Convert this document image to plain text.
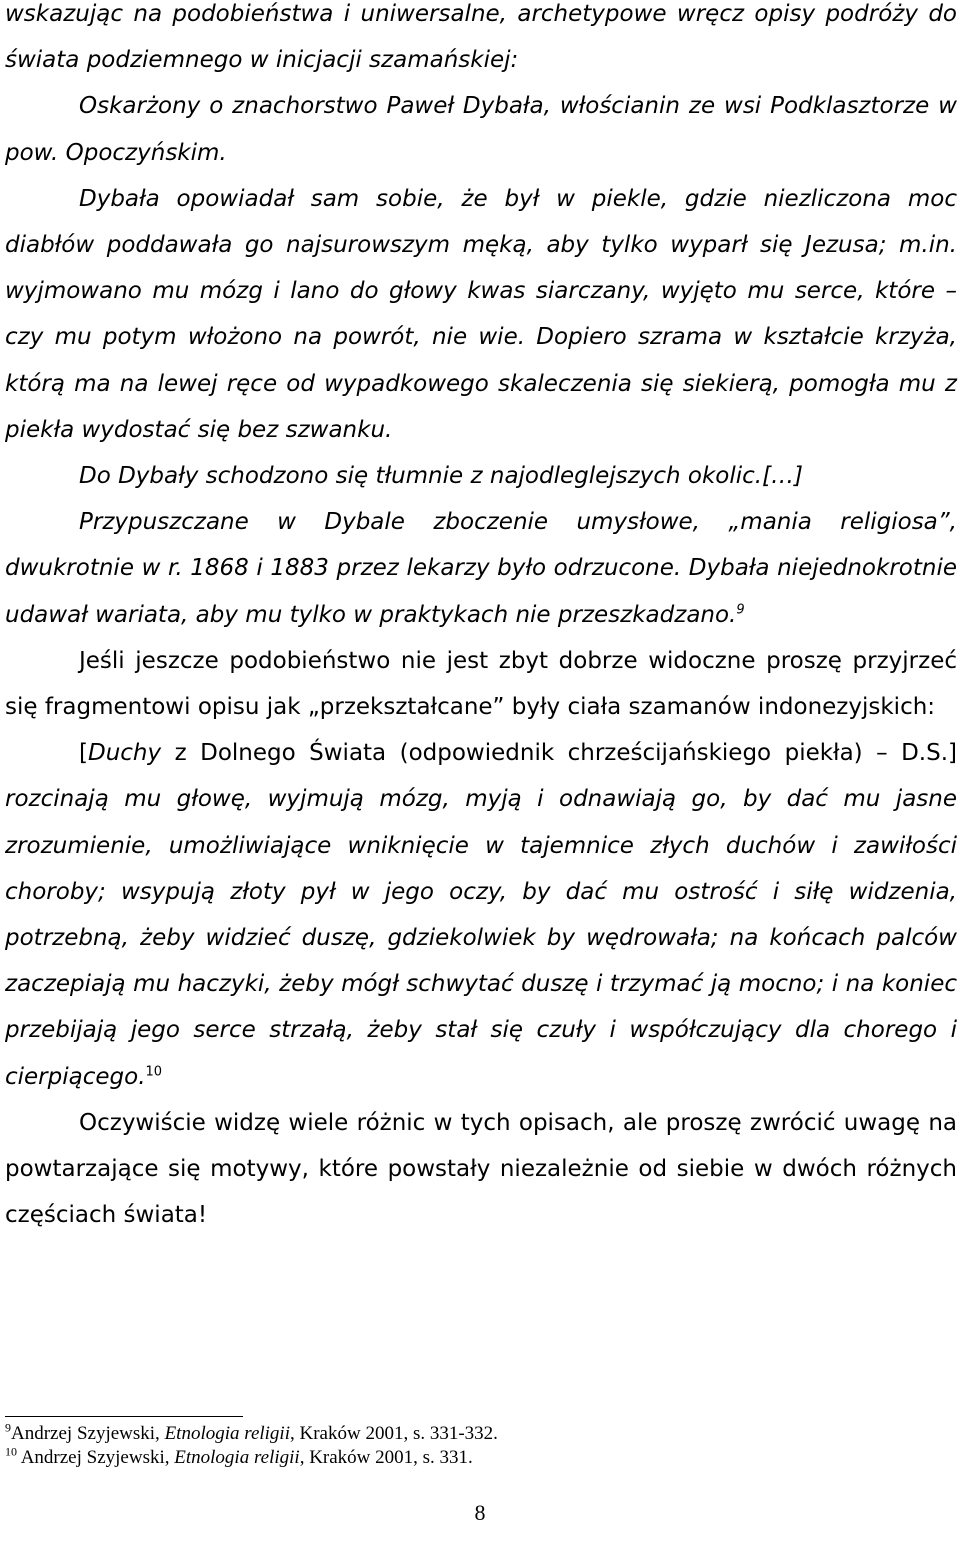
wskazując na podobieństwa i uniwersalne, archetypowe wręcz opisy podróży do świata podziemnego w inicjacji szamańskiej:

Oskarżony o znachorstwo Paweł Dybała, włościanin ze wsi Podklasztorze w pow. Opoczyńskim.

Dybała opowiadał sam sobie, że był w piekle, gdzie niezliczona moc diabłów poddawała go najsurowszym męką, aby tylko wyparł się Jezusa; m.in. wyjmowano mu mózg i lano do głowy kwas siarczany, wyjęto mu serce, które – czy mu potym włożono na powrót, nie wie. Dopiero szrama w kształcie krzyża, którą ma na lewej ręce od wypadkowego skaleczenia się siekierą, pomogła mu z piekła wydostać się bez szwanku.

Do Dybały schodzono się tłumnie z najodleglejszych okolic.[…]

Przypuszczane w Dybale zboczenie umysłowe, „mania religiosa”, dwukrotnie w r. 1868 i 1883 przez lekarzy było odrzucone. Dybała niejednokrotnie udawał wariata, aby mu tylko w praktykach nie przeszkadzano.$^9$

Jeśli jeszcze podobieństwo nie jest zbyt dobrze widoczne proszę przyjrzeć się fragmentowi opisu jak „przekształcane” były ciała szamanów indonezyjskich:

[Duchy z Dolnego Świata (odpowiednik chrześcijańskiego piekła) – D.S.] rozcinają mu głowę, wyjmują mózg, myją i odnawiają go, by dać mu jasne zrozumienie, umożliwiające wniknięcie w tajemnice złych duchów i zawiłości choroby; wsypują złoty pył w jego oczy, by dać mu ostrość i siłę widzenia, potrzebną, żeby widzieć duszę, gdziekolwiek by wędrowała; na końcach palców zaczepiają mu haczyki, żeby mógł schwytać duszę i trzymać ją mocno; i na koniec przebijają jego serce strzałą, żeby stał się czuły i współczujący dla chorego i cierpiącego.$^{10}$

Oczywiście widzę wiele różnic w tych opisach, ale proszę zwrócić uwagę na powtarzające się motywy, które powstały niezależnie od siebie w dwóch różnych częściach świata!

$^9$Andrzej Szyjewski, Etnologia religii, Kraków 2001, s. 331-332.

$^{10}$ Andrzej Szyjewski, Etnologia religii, Kraków 2001, s. 331.

8
